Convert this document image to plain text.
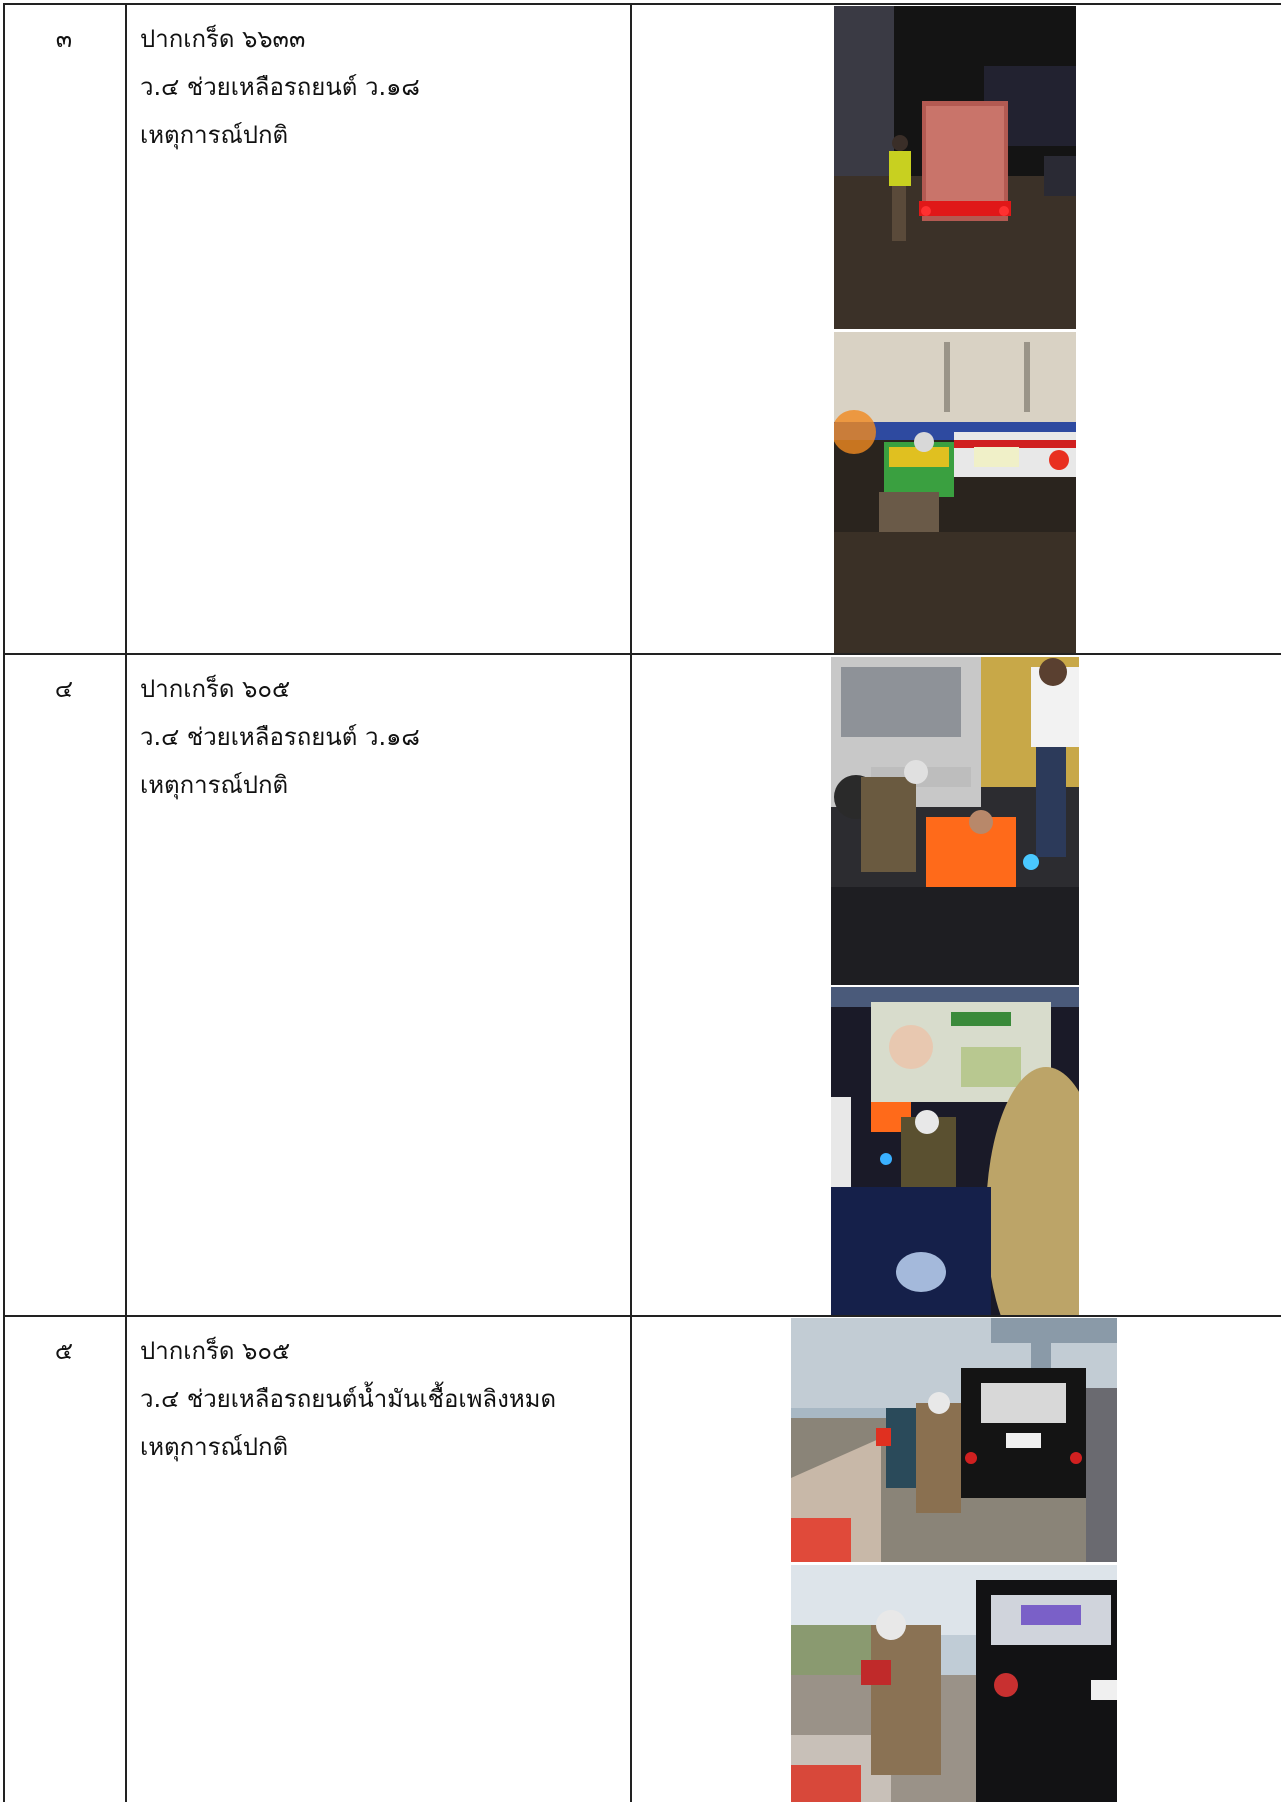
๓	ปากเกร็ด ๖๖๓๓
ว.๔ ช่วยเหลือรถยนต์ ว.๑๘
เหตุการณ์ปกติ
๔	ปากเกร็ด ๖๐๕
ว.๔ ช่วยเหลือรถยนต์ ว.๑๘
เหตุการณ์ปกติ
๕	ปากเกร็ด ๖๐๕
ว.๔ ช่วยเหลือรถยนต์น้ำมันเชื้อเพลิงหมด
เหตุการณ์ปกติ
